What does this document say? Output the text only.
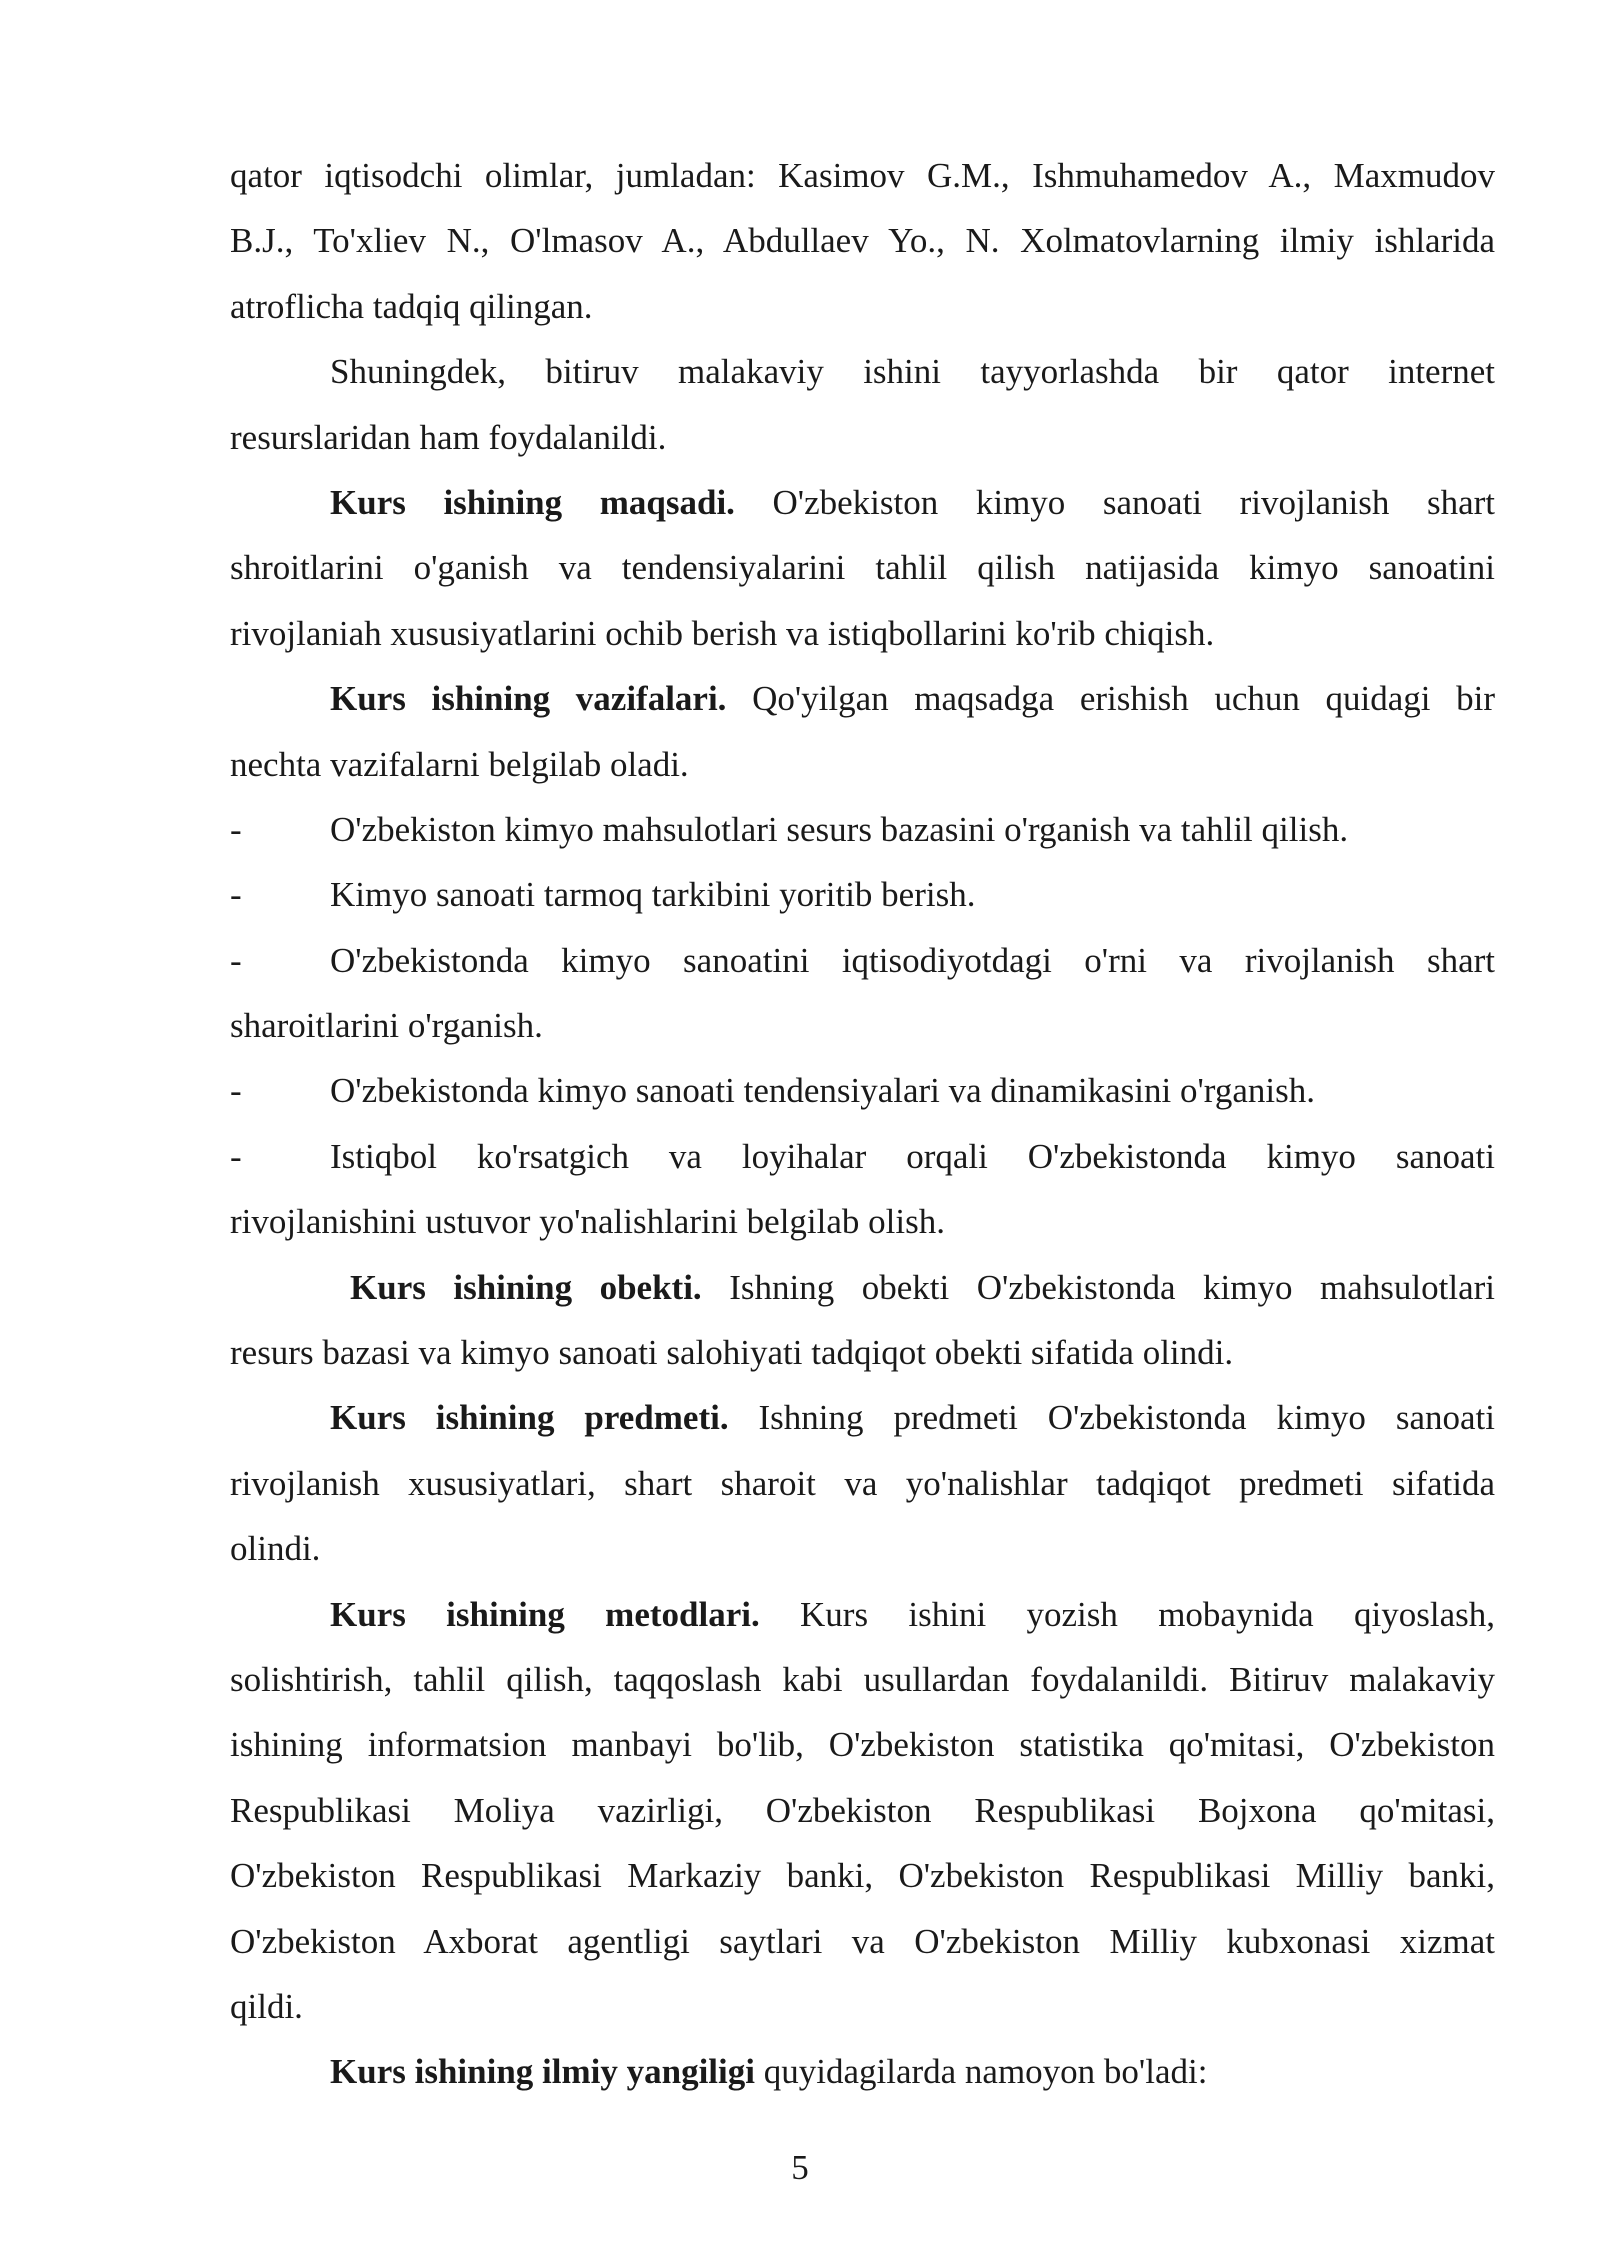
qator iqtisodchi olimlar, jumladan: Kasimov G.M., Ishmuhamedov A., Maxmudov
B.J., To'xliev N., O'lmasov A., Abdullaev Yo., N. Xolmatovlarning ilmiy ishlarida
atroflicha tadqiq qilingan.
Shuningdek, bitiruv malakaviy ishini tayyorlashda bir qator internet
resurslaridan ham foydalanildi.
Kurs ishining maqsadi. O'zbekiston kimyo sanoati rivojlanish shart
shroitlarini o'ganish va tendensiyalarini tahlil qilish natijasida kimyo sanoatini
rivojlaniah xususiyatlarini ochib berish va istiqbollarini ko'rib chiqish.
Kurs ishining vazifalari. Qo'yilgan maqsadga erishish uchun quidagi bir
nechta vazifalarni belgilab oladi.
-	O'zbekiston kimyo mahsulotlari sesurs bazasini o'rganish va tahlil qilish.
-	Kimyo sanoati tarmoq tarkibini yoritib berish.
-	O'zbekistonda kimyo sanoatini iqtisodiyotdagi o'rni va rivojlanish shart
sharoitlarini o'rganish.
-	O'zbekistonda kimyo sanoati tendensiyalari va dinamikasini o'rganish.
-	Istiqbol ko'rsatgich va loyihalar orqali O'zbekistonda kimyo sanoati
rivojlanishini ustuvor yo'nalishlarini belgilab olish.
Kurs ishining obekti. Ishning obekti O'zbekistonda kimyo mahsulotlari
resurs bazasi va kimyo sanoati salohiyati tadqiqot obekti sifatida olindi.
Kurs ishining predmeti. Ishning predmeti O'zbekistonda kimyo sanoati
rivojlanish xususiyatlari, shart sharoit va yo'nalishlar tadqiqot predmeti sifatida
olindi.
Kurs ishining metodlari. Kurs ishini yozish mobaynida qiyoslash,
solishtirish, tahlil qilish, taqqoslash kabi usullardan foydalanildi. Bitiruv malakaviy
ishining informatsion manbayi bo'lib, O'zbekiston statistika qo'mitasi, O'zbekiston
Respublikasi Moliya vazirligi, O'zbekiston Respublikasi Bojxona qo'mitasi,
O'zbekiston Respublikasi Markaziy banki, O'zbekiston Respublikasi Milliy banki,
O'zbekiston Axborat agentligi saytlari va O'zbekiston Milliy kubxonasi xizmat
qildi.
Kurs ishining ilmiy yangiligi quyidagilarda namoyon bo'ladi:
5
